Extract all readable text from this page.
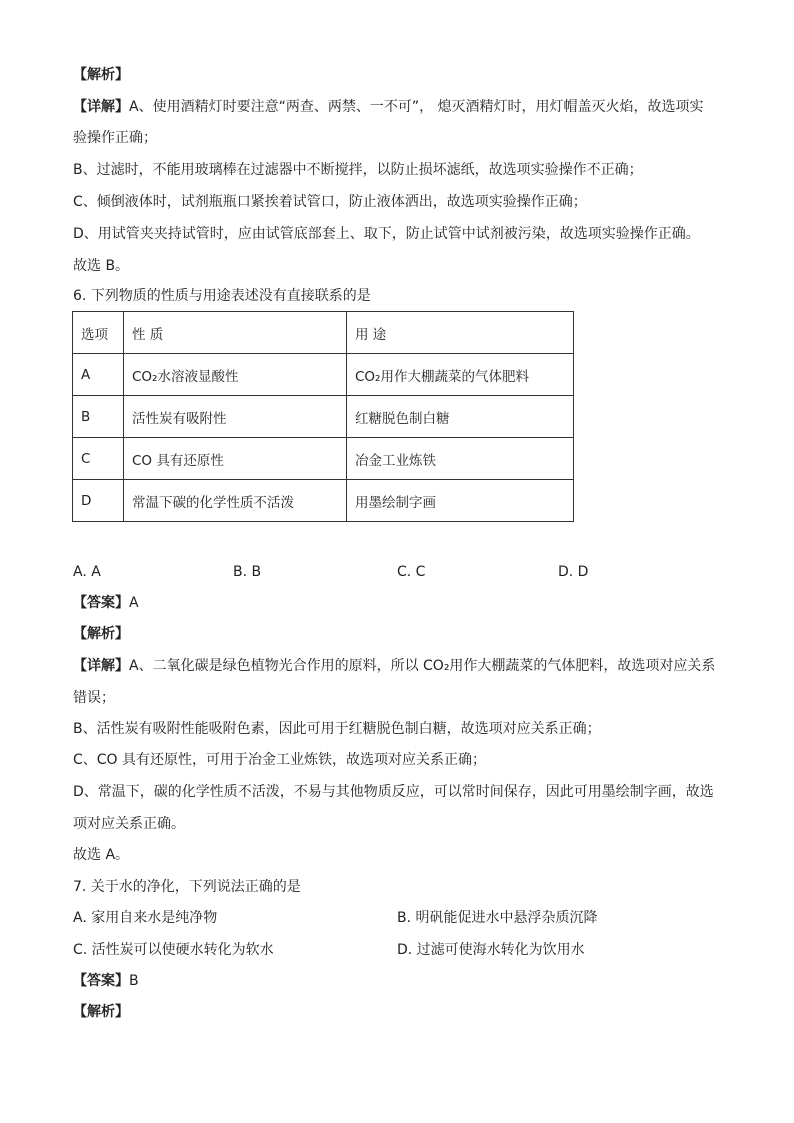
【解析】
【详解】A、使用酒精灯时要注意“两查、两禁、一不可”， 熄灭酒精灯时，用灯帽盖灭火焰，故选项实
验操作正确；
B、过滤时，不能用玻璃棒在过滤器中不断搅拌，以防止损坏滤纸，故选项实验操作不正确；
C、倾倒液体时，试剂瓶瓶口紧挨着试管口，防止液体洒出，故选项实验操作正确；
D、用试管夹夹持试管时，应由试管底部套上、取下，防止试管中试剂被污染，故选项实验操作正确。
故选 B。
6. 下列物质的性质与用途表述没有直接联系的是
选项	性 质	用 途
A	CO₂水溶液显酸性	CO₂用作大棚蔬菜的气体肥料
B	活性炭有吸附性	红糖脱色制白糖
C	CO 具有还原性	冶金工业炼铁
D	常温下碳的化学性质不活泼	用墨绘制字画
A. A	B. B	C. C	D. D
【答案】A
【解析】
【详解】A、二氧化碳是绿色植物光合作用的原料，所以 CO₂用作大棚蔬菜的气体肥料，故选项对应关系
错误；
B、活性炭有吸附性能吸附色素，因此可用于红糖脱色制白糖，故选项对应关系正确；
C、CO 具有还原性，可用于冶金工业炼铁，故选项对应关系正确；
D、常温下，碳的化学性质不活泼，不易与其他物质反应，可以常时间保存，因此可用墨绘制字画，故选
项对应关系正确。
故选 A。
7. 关于水的净化，下列说法正确的是
A. 家用自来水是纯净物	B. 明矾能促进水中悬浮杂质沉降
C. 活性炭可以使硬水转化为软水	D. 过滤可使海水转化为饮用水
【答案】B
【解析】
